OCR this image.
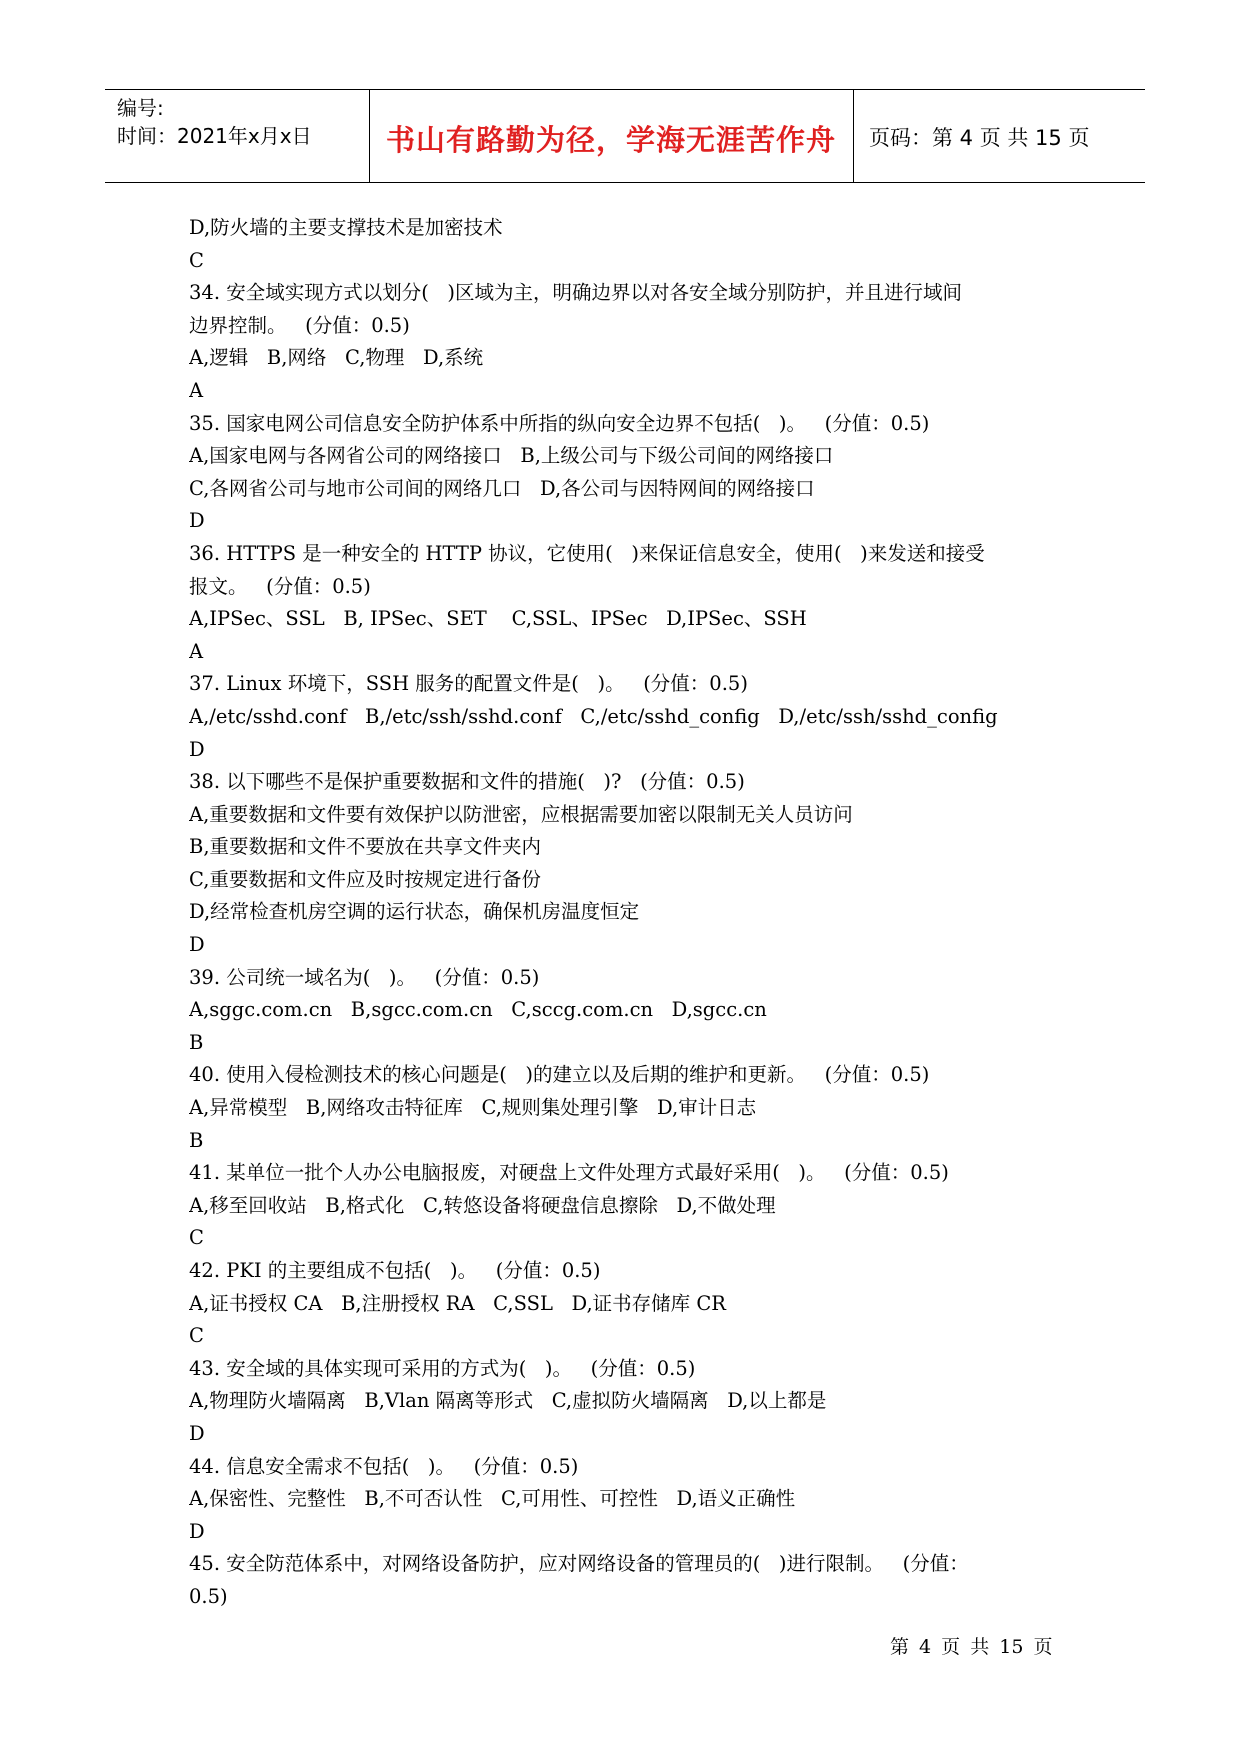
编号:
时间：2021年x月x日	书山有路勤为径，学海无涯苦作舟	页码：第 4 页 共 15 页
D,防火墙的主要支撑技术是加密技术
C
34. 安全域实现方式以划分(   )区域为主，明确边界以对各安全域分别防护，并且进行域间
边界控制。   (分值：0.5)
A,逻辑   B,网络   C,物理   D,系统
A
35. 国家电网公司信息安全防护体系中所指的纵向安全边界不包括(   )。   (分值：0.5)
A,国家电网与各网省公司的网络接口   B,上级公司与下级公司间的网络接口
C,各网省公司与地市公司间的网络几口   D,各公司与因特网间的网络接口
D
36. HTTPS 是一种安全的 HTTP 协议，它使用(   )来保证信息安全，使用(   )来发送和接受
报文。   (分值：0.5)
A,IPSec、SSL   B, IPSec、SET    C,SSL、IPSec   D,IPSec、SSH
A
37. Linux 环境下，SSH 服务的配置文件是(   )。   (分值：0.5)
A,/etc/sshd.conf   B,/etc/ssh/sshd.conf   C,/etc/sshd_config   D,/etc/ssh/sshd_config
D
38. 以下哪些不是保护重要数据和文件的措施(   )?   (分值：0.5)
A,重要数据和文件要有效保护以防泄密，应根据需要加密以限制无关人员访问
B,重要数据和文件不要放在共享文件夹内
C,重要数据和文件应及时按规定进行备份
D,经常检查机房空调的运行状态，确保机房温度恒定
D
39. 公司统一域名为(   )。   (分值：0.5)
A,sggc.com.cn   B,sgcc.com.cn   C,sccg.com.cn   D,sgcc.cn
B
40. 使用入侵检测技术的核心问题是(   )的建立以及后期的维护和更新。   (分值：0.5)
A,异常模型   B,网络攻击特征库   C,规则集处理引擎   D,审计日志
B
41. 某单位一批个人办公电脑报废，对硬盘上文件处理方式最好采用(   )。   (分值：0.5)
A,移至回收站   B,格式化   C,转悠设备将硬盘信息擦除   D,不做处理
C
42. PKI 的主要组成不包括(   )。   (分值：0.5)
A,证书授权 CA   B,注册授权 RA   C,SSL   D,证书存储库 CR
C
43. 安全域的具体实现可采用的方式为(   )。   (分值：0.5)
A,物理防火墙隔离   B,Vlan 隔离等形式   C,虚拟防火墙隔离   D,以上都是
D
44. 信息安全需求不包括(   )。   (分值：0.5)
A,保密性、完整性   B,不可否认性   C,可用性、可控性   D,语义正确性
D
45. 安全防范体系中，对网络设备防护，应对网络设备的管理员的(   )进行限制。   (分值：
0.5)
第 4 页 共 15 页
